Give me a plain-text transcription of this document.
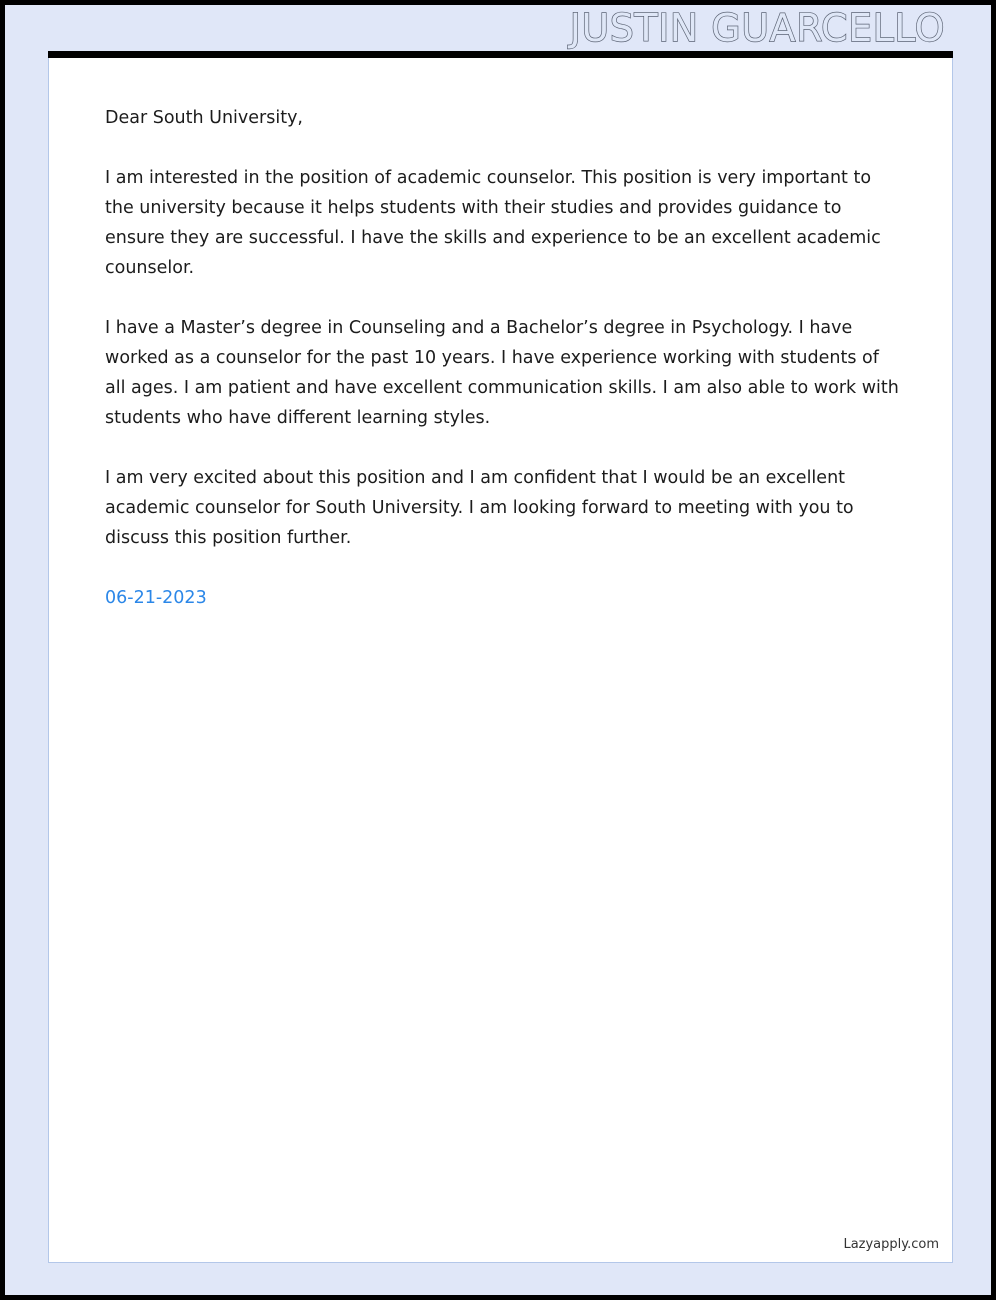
JUSTIN GUARCELLO

Dear South University,

I am interested in the position of academic counselor. This position is very important to the university because it helps students with their studies and provides guidance to ensure they are successful. I have the skills and experience to be an excellent academic counselor.

I have a Master’s degree in Counseling and a Bachelor’s degree in Psychology. I have worked as a counselor for the past 10 years. I have experience working with students of all ages. I am patient and have excellent communication skills. I am also able to work with students who have different learning styles.

I am very excited about this position and I am confident that I would be an excellent academic counselor for South University. I am looking forward to meeting with you to discuss this position further.

06-21-2023

Lazyapply.com
